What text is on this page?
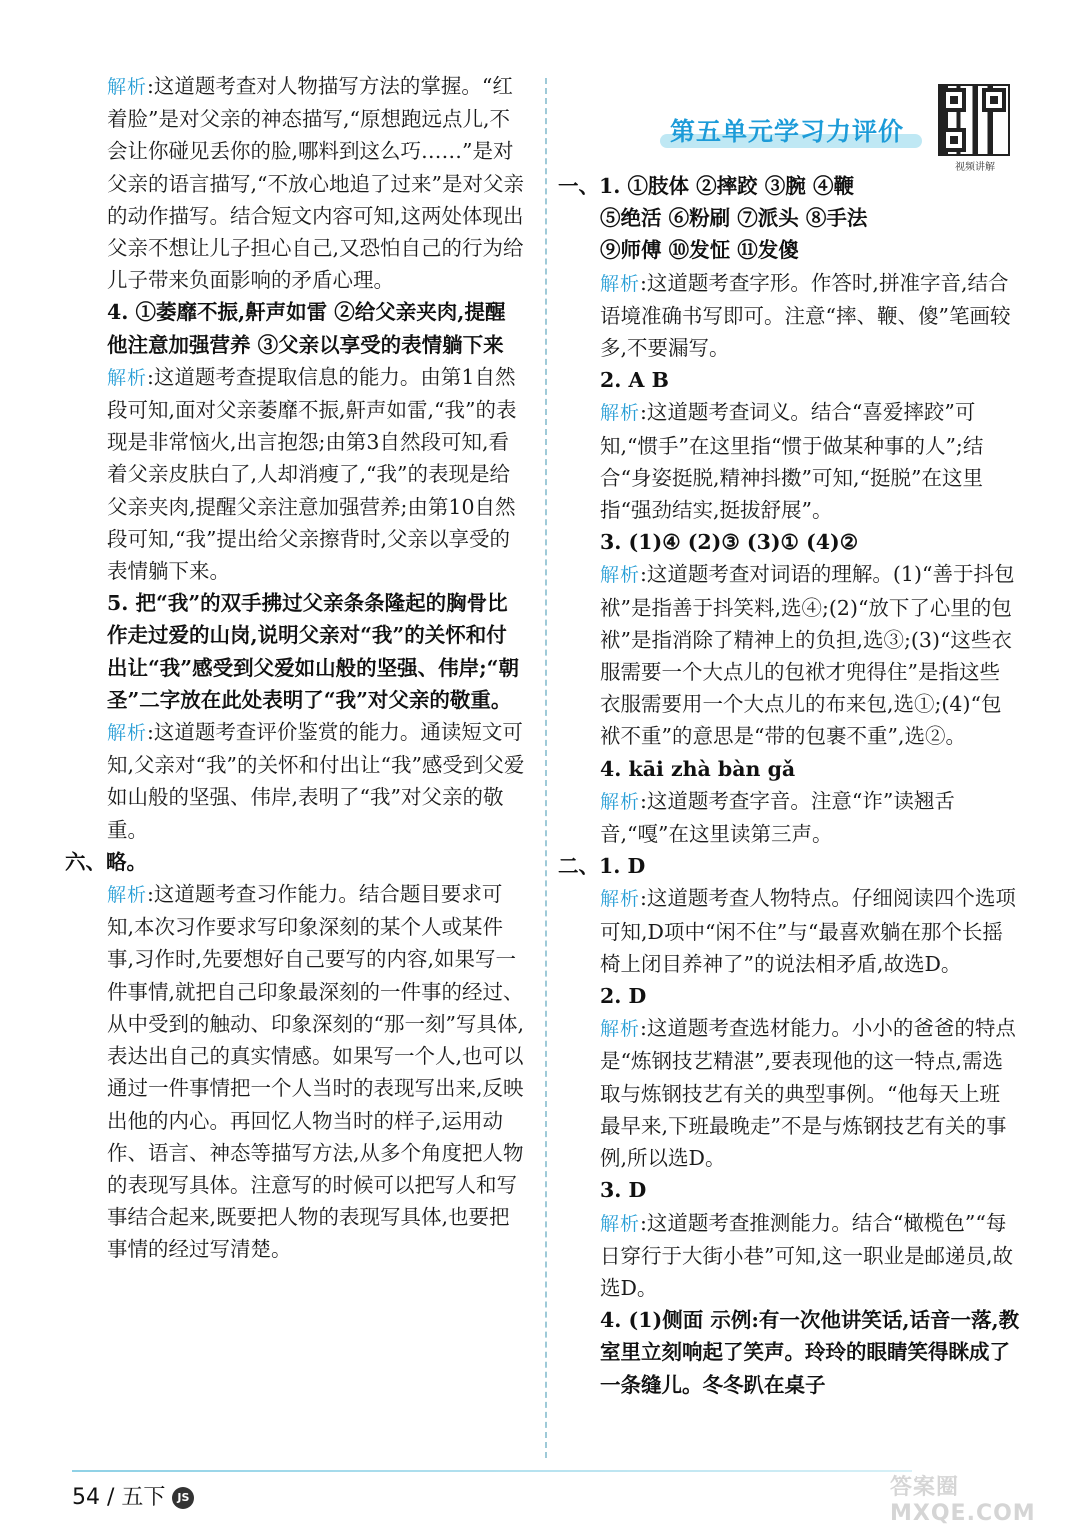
解析:这道题考查对人物描写方法的掌握。“红着脸”是对父亲的神态描写,“原想跑远点儿,不会让你碰见丢你的脸,哪料到这么巧……”是对父亲的语言描写,“不放心地追了过来”是对父亲的动作描写。结合短文内容可知,这两处体现出父亲不想让儿子担心自己,又恐怕自己的行为给儿子带来负面影响的矛盾心理。

4. ①萎靡不振,鼾声如雷 ②给父亲夹肉,提醒他注意加强营养 ③父亲以享受的表情躺下来

解析:这道题考查提取信息的能力。由第1自然段可知,面对父亲萎靡不振,鼾声如雷,“我”的表现是非常恼火,出言抱怨;由第3自然段可知,看着父亲皮肤白了,人却消瘦了,“我”的表现是给父亲夹肉,提醒父亲注意加强营养;由第10自然段可知,“我”提出给父亲擦背时,父亲以享受的表情躺下来。

5. 把“我”的双手拂过父亲条条隆起的胸骨比作走过爱的山岗,说明父亲对“我”的关怀和付出让“我”感受到父爱如山般的坚强、伟岸;“朝圣”二字放在此处表明了“我”对父亲的敬重。

解析:这道题考查评价鉴赏的能力。通读短文可知,父亲对“我”的关怀和付出让“我”感受到父爱如山般的坚强、伟岸,表明了“我”对父亲的敬重。

六、略。

解析:这道题考查习作能力。结合题目要求可知,本次习作要求写印象深刻的某个人或某件事,习作时,先要想好自己要写的内容,如果写一件事情,就把自己印象最深刻的一件事的经过、从中受到的触动、印象深刻的“那一刻”写具体,表达出自己的真实情感。如果写一个人,也可以通过一件事情把一个人当时的表现写出来,反映出他的内心。再回忆人物当时的样子,运用动作、语言、神态等描写方法,从多个角度把人物的表现写具体。注意写的时候可以把写人和写事结合起来,既要把人物的表现写具体,也要把事情的经过写清楚。

第五单元学习力评价
视频讲解

一、1. ①肢体 ②摔跤 ③腕 ④鞭

⑤绝活 ⑥粉刷 ⑦派头 ⑧手法

⑨师傅 ⑩发怔 ⑪发傻

解析:这道题考查字形。作答时,拼准字音,结合语境准确书写即可。注意“摔、鞭、傻”笔画较多,不要漏写。

2. A B

解析:这道题考查词义。结合“喜爱摔跤”可知,“惯手”在这里指“惯于做某种事的人”;结合“身姿挺脱,精神抖擞”可知,“挺脱”在这里指“强劲结实,挺拔舒展”。

3. (1)④ (2)③ (3)① (4)②

解析:这道题考查对词语的理解。(1)“善于抖包袱”是指善于抖笑料,选④;(2)“放下了心里的包袱”是指消除了精神上的负担,选③;(3)“这些衣服需要一个大点儿的包袱才兜得住”是指这些衣服需要用一个大点儿的布来包,选①;(4)“包袱不重”的意思是“带的包裹不重”,选②。

4. kāi zhà bàn gǎ

解析:这道题考查字音。注意“诈”读翘舌音,“嘎”在这里读第三声。

二、1. D

解析:这道题考查人物特点。仔细阅读四个选项可知,D项中“闲不住”与“最喜欢躺在那个长摇椅上闭目养神了”的说法相矛盾,故选D。

2. D

解析:这道题考查选材能力。小小的爸爸的特点是“炼钢技艺精湛”,要表现他的这一特点,需选取与炼钢技艺有关的典型事例。“他每天上班最早来,下班最晚走”不是与炼钢技艺有关的事例,所以选D。

3. D

解析:这道题考查推测能力。结合“橄榄色”“每日穿行于大街小巷”可知,这一职业是邮递员,故选D。

4. (1)侧面 示例:有一次他讲笑话,话音一落,教室里立刻响起了笑声。玲玲的眼睛笑得眯成了一条缝儿。冬冬趴在桌子

54 / 五下 JS	答案圈 MXQE.COM
